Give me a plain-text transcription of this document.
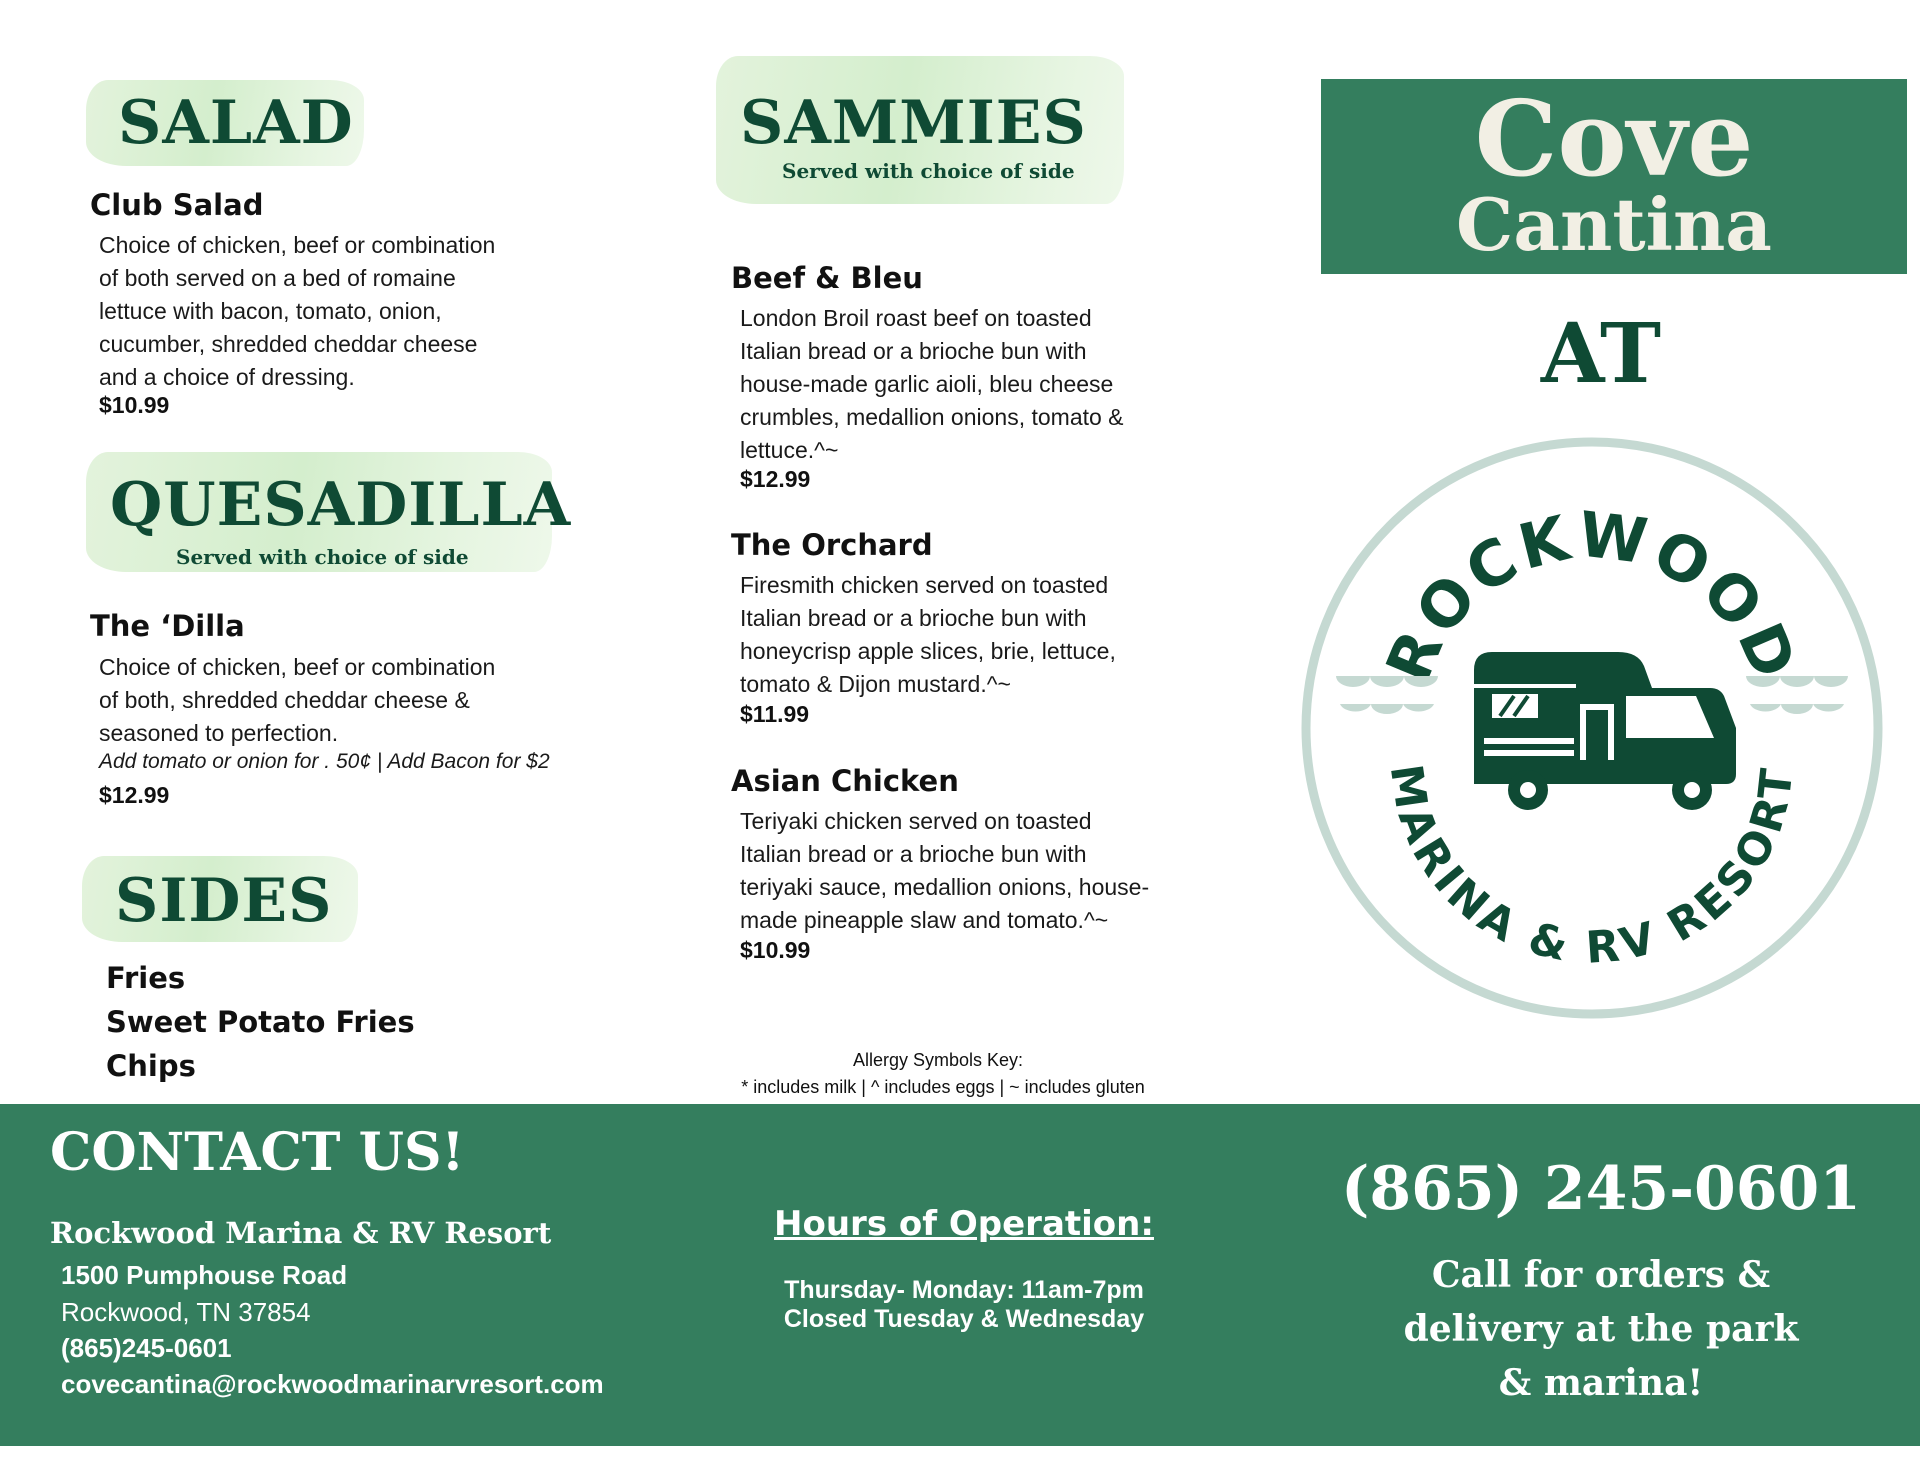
SALAD
Club Salad
Choice of chicken, beef or combination
of both served on a bed of romaine
lettuce with bacon, tomato, onion,
cucumber, shredded cheddar cheese
and a choice of dressing.
$10.99
QUESADILLA
Served with choice of side
The ‘Dilla
Choice of chicken, beef or combination
of both, shredded cheddar cheese &
seasoned to perfection.
Add tomato or onion for . 50¢ | Add Bacon for $2
$12.99
SIDES
Fries
Sweet Potato Fries
Chips
SAMMIES
Served with choice of side
Beef & Bleu
London Broil roast beef on toasted
Italian bread or a brioche bun with
house-made garlic aioli, bleu cheese
crumbles, medallion onions, tomato &
lettuce.^~
$12.99
The Orchard
Firesmith chicken served on toasted
Italian bread or a brioche bun with
honeycrisp apple slices, brie, lettuce,
tomato & Dijon mustard.^~
$11.99
Asian Chicken
Teriyaki chicken served on toasted
Italian bread or a brioche bun with
teriyaki sauce, medallion onions, house-
made pineapple slaw and tomato.^~
$10.99
Allergy Symbols Key:
* includes milk | ^ includes eggs | ~ includes gluten
Cove
Cantina
AT
ROCKWOOD
MARINA & RV RESORT
CONTACT US!
Rockwood Marina & RV Resort
1500 Pumphouse Road
Rockwood, TN 37854
(865)245-0601
covecantina@rockwoodmarinarvresort.com
Hours of Operation:
Thursday- Monday: 11am-7pm
Closed Tuesday & Wednesday
(865) 245-0601
Call for orders &
delivery at the park
& marina!
